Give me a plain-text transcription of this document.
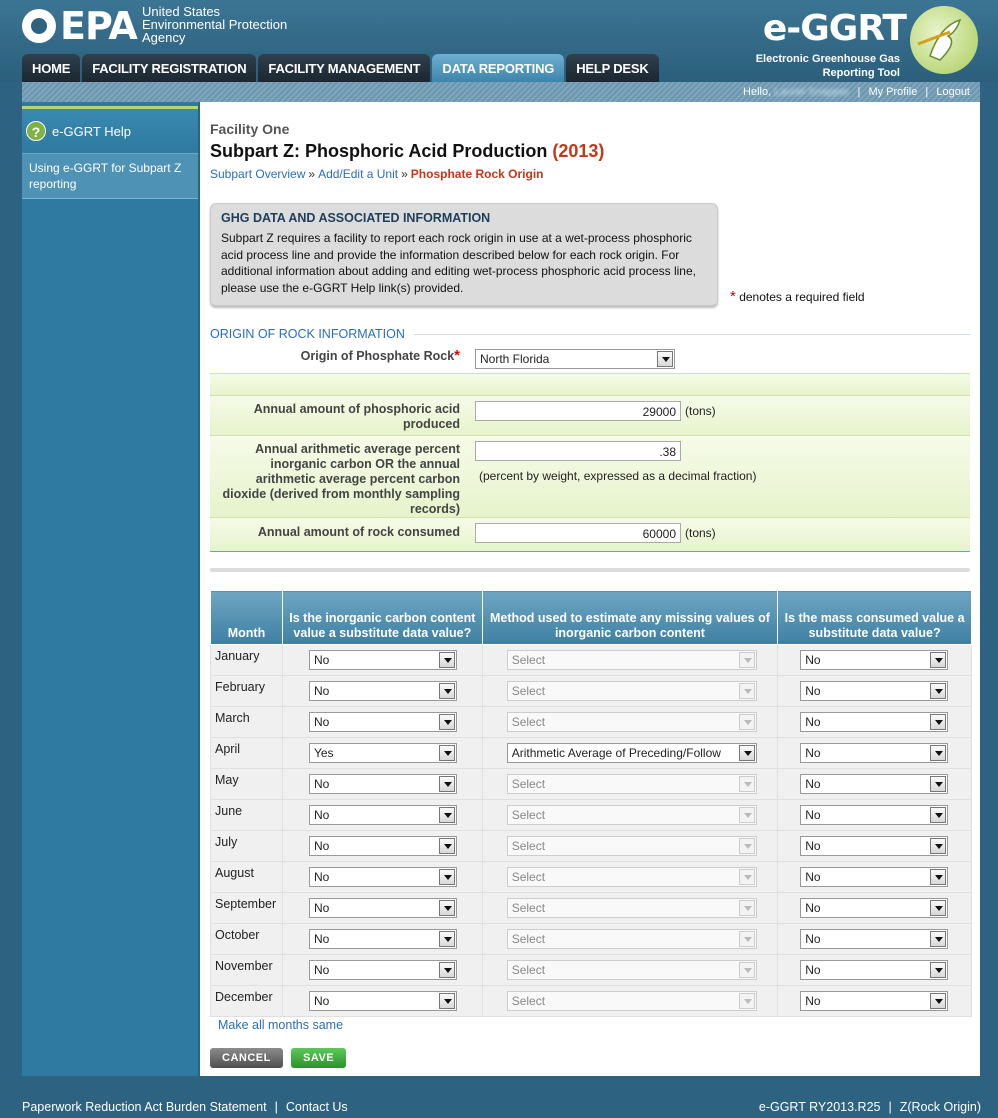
EPA United States
Environmental Protection
Agency
HOME	FACILITY REGISTRATION	FACILITY MANAGEMENT	DATA REPORTING	HELP DESK
e-GGRT
Electronic Greenhouse Gas
Reporting Tool
Hello, Laurel Snapper | My Profile | Logout
? e-GGRT Help
Using e-GGRT for Subpart Z reporting
Facility One
Subpart Z: Phosphoric Acid Production (2013)
Subpart Overview » Add/Edit a Unit » Phosphate Rock Origin
GHG DATA AND ASSOCIATED INFORMATION
Subpart Z requires a facility to report each rock origin in use at a wet-process phosphoric acid process line and provide the information described below for each rock origin. For additional information about adding and editing wet-process phosphoric acid process line, please use the e-GGRT Help link(s) provided.
* denotes a required field
ORIGIN OF ROCK INFORMATION
Origin of Phosphate Rock*	North Florida
Annual amount of phosphoric acid produced
29000 (tons)
Annual arithmetic average percent inorganic carbon OR the annual arithmetic average percent carbon dioxide (derived from monthly sampling records)
.38
(percent by weight, expressed as a decimal fraction)
Annual amount of rock consumed	60000 (tons)
Month	Is the inorganic carbon content value a substitute data value?	Method used to estimate any missing values of inorganic carbon content	Is the mass consumed value a substitute data value?
January	No	Select	No

February	No	Select	No

March	No	Select	No

April	Yes	Arithmetic Average of Preceding/Follow	No

May	No	Select	No

June	No	Select	No

July	No	Select	No

August	No	Select	No

September	No	Select	No

October	No	Select	No

November	No	Select	No

December	No	Select	No
Make all months same
CANCEL	SAVE
Paperwork Reduction Act Burden Statement | Contact Us	e-GGRT RY2013.R25 | Z(Rock Origin)
